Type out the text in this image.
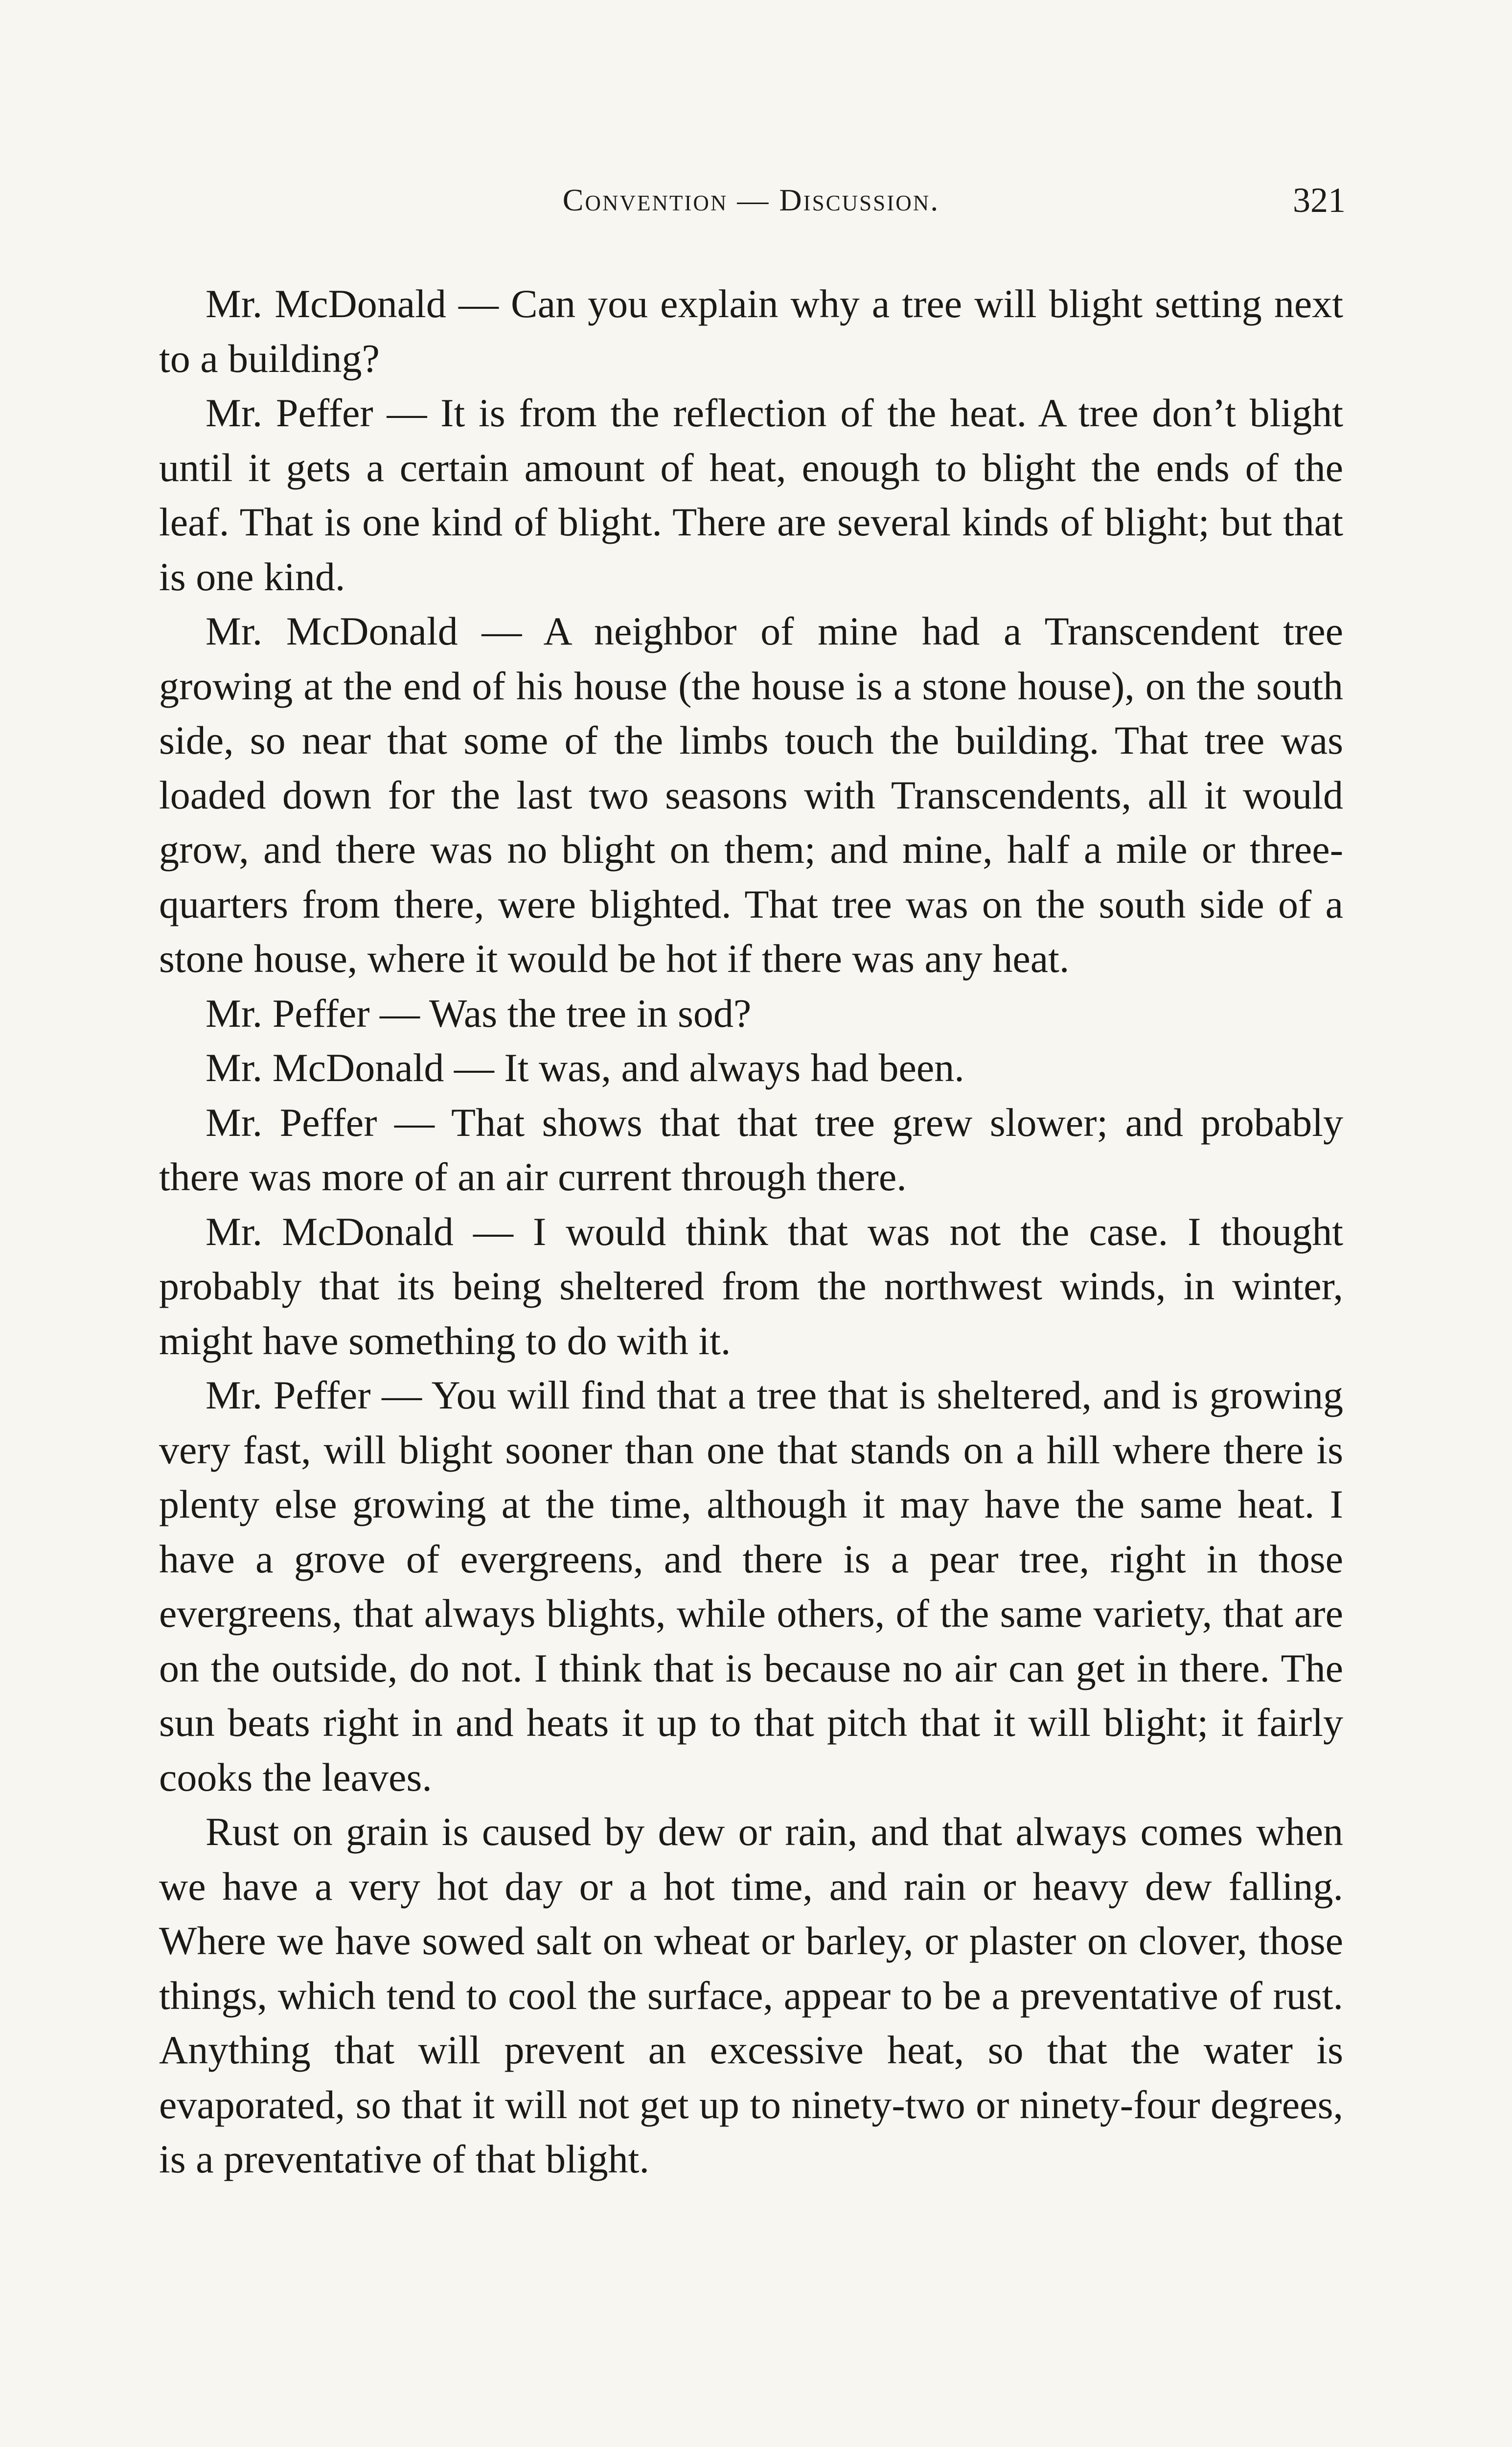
Convention — Discussion.	321

Mr. McDonald — Can you explain why a tree will blight setting next to a building?

Mr. Peffer — It is from the reflection of the heat. A tree don’t blight until it gets a certain amount of heat, enough to blight the ends of the leaf. That is one kind of blight. There are several kinds of blight; but that is one kind.

Mr. McDonald — A neighbor of mine had a Transcendent tree growing at the end of his house (the house is a stone house), on the south side, so near that some of the limbs touch the building. That tree was loaded down for the last two seasons with Transcendents, all it would grow, and there was no blight on them; and mine, half a mile or three-quarters from there, were blighted. That tree was on the south side of a stone house, where it would be hot if there was any heat.

Mr. Peffer — Was the tree in sod?

Mr. McDonald — It was, and always had been.

Mr. Peffer — That shows that that tree grew slower; and probably there was more of an air current through there.

Mr. McDonald — I would think that was not the case. I thought probably that its being sheltered from the northwest winds, in winter, might have something to do with it.

Mr. Peffer — You will find that a tree that is sheltered, and is growing very fast, will blight sooner than one that stands on a hill where there is plenty else growing at the time, although it may have the same heat. I have a grove of evergreens, and there is a pear tree, right in those evergreens, that always blights, while others, of the same variety, that are on the outside, do not. I think that is because no air can get in there. The sun beats right in and heats it up to that pitch that it will blight; it fairly cooks the leaves.

Rust on grain is caused by dew or rain, and that always comes when we have a very hot day or a hot time, and rain or heavy dew falling. Where we have sowed salt on wheat or barley, or plaster on clover, those things, which tend to cool the surface, appear to be a preventative of rust. Anything that will prevent an excessive heat, so that the water is evaporated, so that it will not get up to ninety-two or ninety-four degrees, is a preventative of that blight.
